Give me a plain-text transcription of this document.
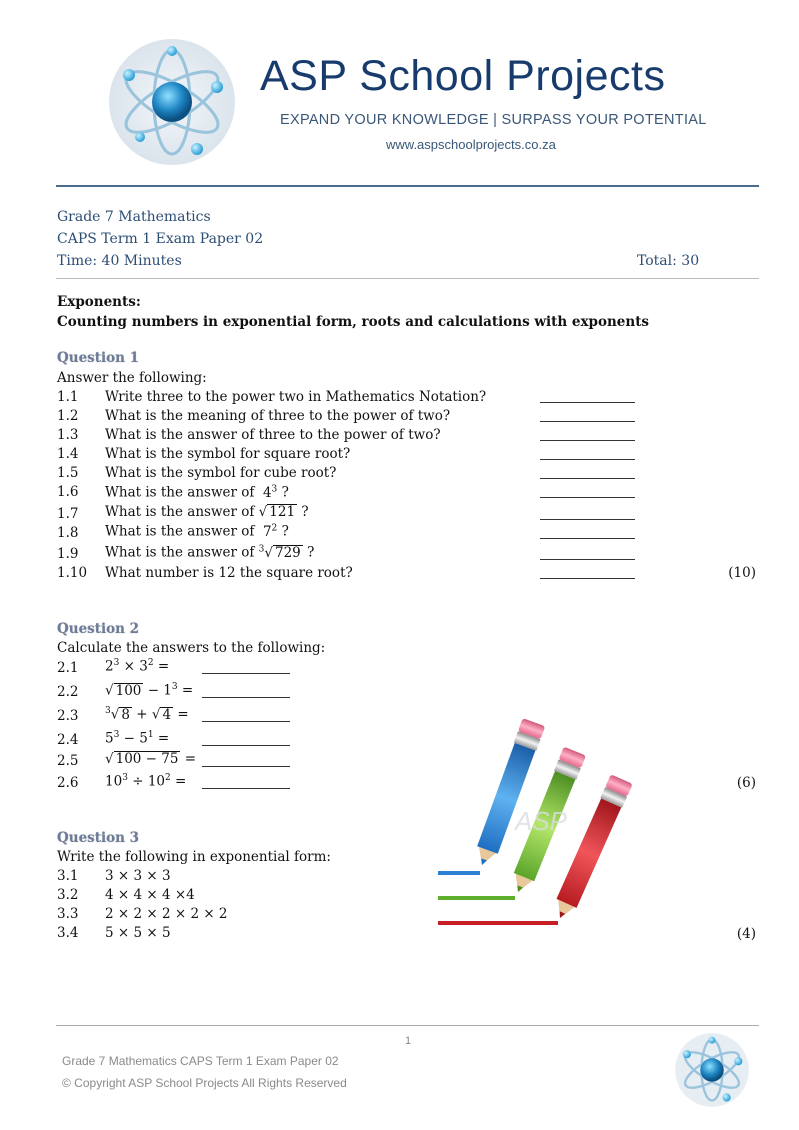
ASP School Projects
EXPAND YOUR KNOWLEDGE | SURPASS YOUR POTENTIAL
www.aspschoolprojects.co.za
Grade 7 Mathematics
CAPS Term 1 Exam Paper 02
Time: 40 Minutes	Total: 30
Exponents:
Counting numbers in exponential form, roots and calculations with exponents
Question 1
Answer the following:
1.1 Write three to the power two in Mathematics Notation?
1.2 What is the meaning of three to the power of two?
1.3 What is the answer of three to the power of two?
1.4 What is the symbol for square root?
1.5 What is the symbol for cube root?
1.6 What is the answer of $4^3$ ?
1.7 What is the answer of √ 121 ?
1.8 What is the answer of $7^2$ ?
1.9 What is the answer of $^3$√ 729 ?
1.10 What number is 12 the square root?	(10)
Question 2
Calculate the answers to the following:
2.1 $2^3 \times 3^2$ =
2.2 √ $100 - 1^3$ =
2.3	$^3$√ 8 + √ 4 =
2.4 $5^3 - 5^1$ =
2.5 √ 100 − 75 =
2.6 $10^3 \div 10^2$ =	(6)
Question 3
Write the following in exponential form:
3.1 3 × 3 × 3
3.2 4 × 4 × 4 ×4
3.3 2 × 2 × 2 × 2 × 2
3.4 5 × 5 × 5	(4)
ASP
1
Grade 7 Mathematics CAPS Term 1 Exam Paper 02
© Copyright ASP School Projects All Rights Reserved
